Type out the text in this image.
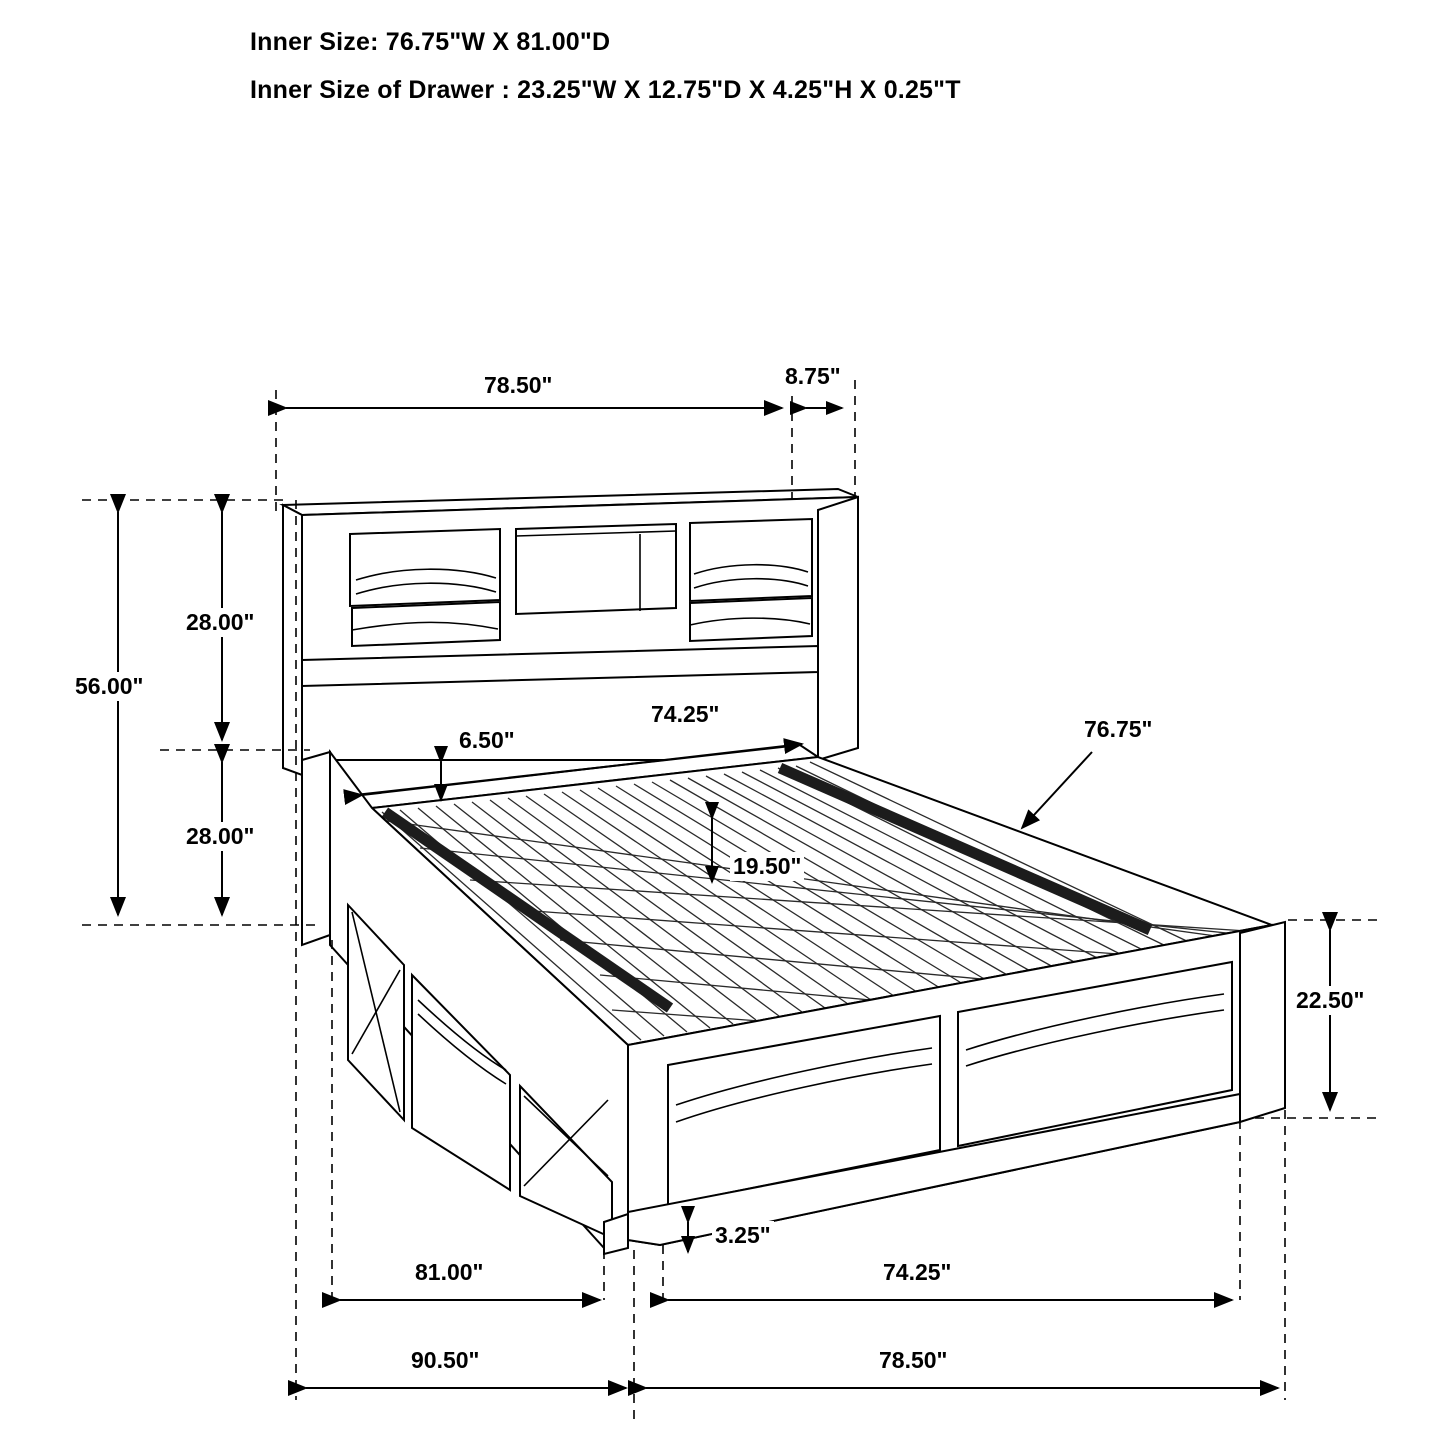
Inner Size: 76.75"W X 81.00"D
Inner Size of Drawer : 23.25"W X 12.75"D X 4.25"H X 0.25"T
78.50"	8.75"
28.00"
56.00"
28.00"
74.25"
6.50"	76.75"
19.50"
22.50"
3.25"
81.00"	74.25"
90.50"	78.50"
